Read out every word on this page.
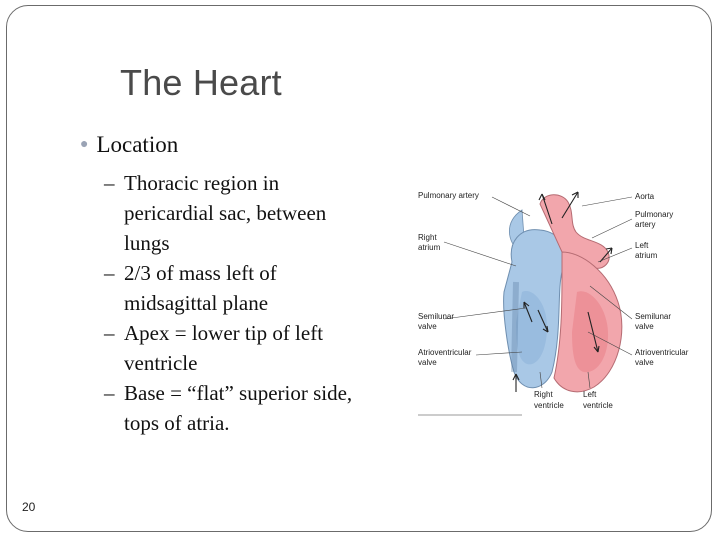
The Heart
● Location

– Thoracic region in pericardial sac, between lungs

– 2/3 of mass left of midsagittal plane

– Apex = lower tip of left ventricle

– Base = “flat” superior side, tops of atria.

Pulmonary artery
Right
atrium
Semilunar
valve
Atrioventricular
valve
Right
ventricle
Left
ventricle
Aorta
Pulmonary
artery
Left
atrium
Semilunar
valve
Atrioventricular
valve
20
